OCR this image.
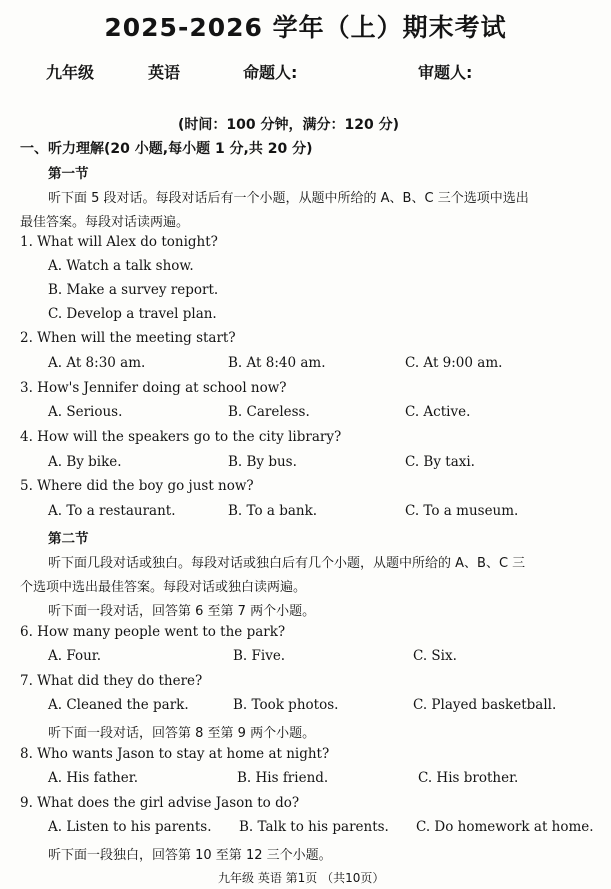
2025-2026 学年（上）期末考试
九年级	英语	命题人:	审题人:
(时间：100 分钟，满分：120 分)
一、听力理解(20 小题,每小题 1 分,共 20 分)
第一节
听下面 5 段对话。每段对话后有一个小题，从题中所给的 A、B、C 三个选项中选出
最佳答案。每段对话读两遍。
1. What will Alex do tonight?
A. Watch a talk show.
B. Make a survey report.
C. Develop a travel plan.
2. When will the meeting start?
A. At 8:30 am.	B. At 8:40 am.	C. At 9:00 am.
3. How's Jennifer doing at school now?
A. Serious.	B. Careless.	C. Active.
4. How will the speakers go to the city library?
A. By bike.	B. By bus.	C. By taxi.
5. Where did the boy go just now?
A. To a restaurant.	B. To a bank.	C. To a museum.
第二节
听下面几段对话或独白。每段对话或独白后有几个小题，从题中所给的 A、B、C 三
个选项中选出最佳答案。每段对话或独白读两遍。
听下面一段对话，回答第 6 至第 7 两个小题。
6. How many people went to the park?
A. Four.	B. Five.	C. Six.
7. What did they do there?
A. Cleaned the park.	B. Took photos.	C. Played basketball.
听下面一段对话，回答第 8 至第 9 两个小题。
8. Who wants Jason to stay at home at night?
A. His father.	B. His friend.	C. His brother.
9. What does the girl advise Jason to do?
A. Listen to his parents. B. Talk to his parents. C. Do homework at home.
听下面一段独白，回答第 10 至第 12 三个小题。
九年级 英语 第1页 （共10页）
